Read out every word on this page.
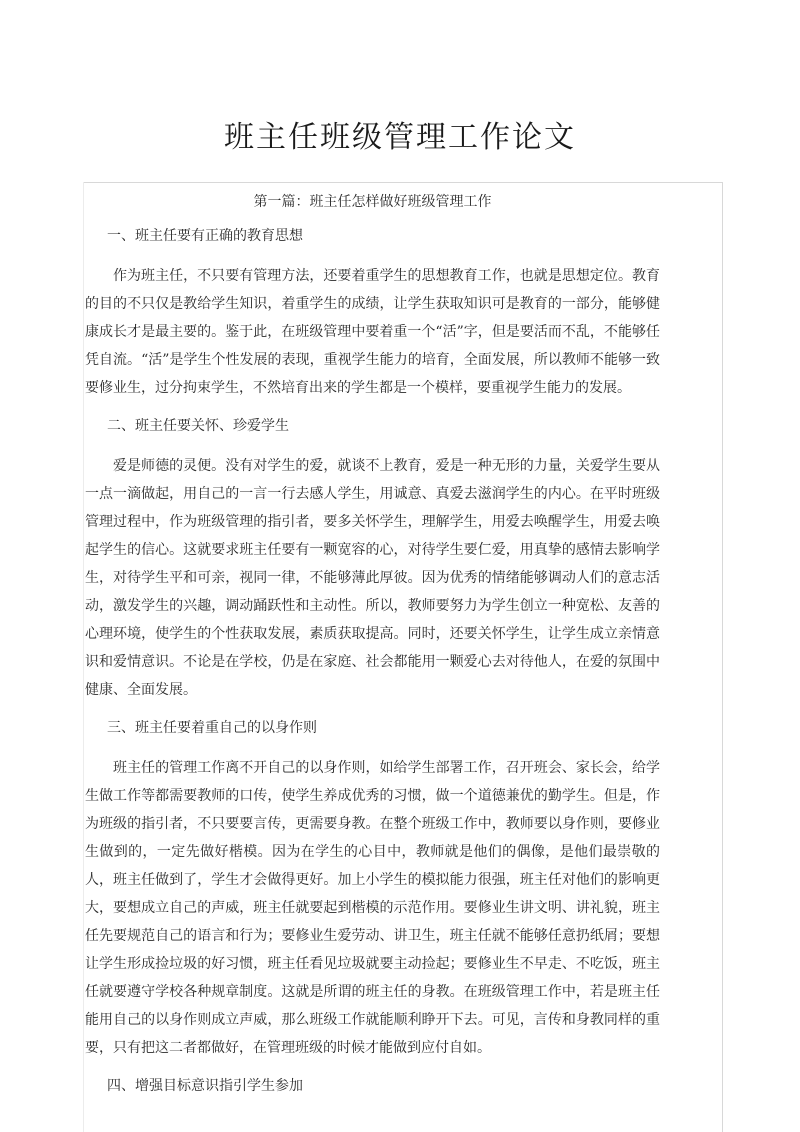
班主任班级管理工作论文
第一篇：班主任怎样做好班级管理工作
一、班主任要有正确的教育思想

作为班主任，不只要有管理方法，还要着重学生的思想教育工作，也就是思想定位。教育的目的不只仅是教给学生知识，着重学生的成绩，让学生获取知识可是教育的一部分，能够健康成长才是最主要的。鉴于此，在班级管理中要着重一个“活”字，但是要活而不乱，不能够任凭自流。“活”是学生个性发展的表现，重视学生能力的培育，全面发展，所以教师不能够一致要修业生，过分拘束学生，不然培育出来的学生都是一个模样，要重视学生能力的发展。

二、班主任要关怀、珍爱学生

爱是师德的灵便。没有对学生的爱，就谈不上教育，爱是一种无形的力量，关爱学生要从一点一滴做起，用自己的一言一行去感人学生，用诚意、真爱去滋润学生的内心。在平时班级管理过程中，作为班级管理的指引者，要多关怀学生，理解学生，用爱去唤醒学生，用爱去唤起学生的信心。这就要求班主任要有一颗宽容的心，对待学生要仁爱，用真挚的感情去影响学生，对待学生平和可亲，视同一律，不能够薄此厚彼。因为优秀的情绪能够调动人们的意志活动，激发学生的兴趣，调动踊跃性和主动性。所以，教师要努力为学生创立一种宽松、友善的心理环境，使学生的个性获取发展，素质获取提高。同时，还要关怀学生，让学生成立亲情意识和爱情意识。不论是在学校，仍是在家庭、社会都能用一颗爱心去对待他人，在爱的氛围中健康、全面发展。

三、班主任要着重自己的以身作则

班主任的管理工作离不开自己的以身作则，如给学生部署工作，召开班会、家长会，给学生做工作等都需要教师的口传，使学生养成优秀的习惯，做一个道德兼优的勤学生。但是，作为班级的指引者，不只要要言传，更需要身教。在整个班级工作中，教师要以身作则，要修业生做到的，一定先做好楷模。因为在学生的心目中，教师就是他们的偶像，是他们最崇敬的人，班主任做到了，学生才会做得更好。加上小学生的模拟能力很强，班主任对他们的影响更大，要想成立自己的声威，班主任就要起到楷模的示范作用。要修业生讲文明、讲礼貌，班主任先要规范自己的语言和行为；要修业生爱劳动、讲卫生，班主任就不能够任意扔纸屑；要想让学生形成捡垃圾的好习惯，班主任看见垃圾就要主动捡起；要修业生不早走、不吃饭，班主任就要遵守学校各种规章制度。这就是所谓的班主任的身教。在班级管理工作中，若是班主任能用自己的以身作则成立声威，那么班级工作就能顺利睁开下去。可见，言传和身教同样的重要，只有把这二者都做好，在管理班级的时候才能做到应付自如。

四、增强目标意识指引学生参加
